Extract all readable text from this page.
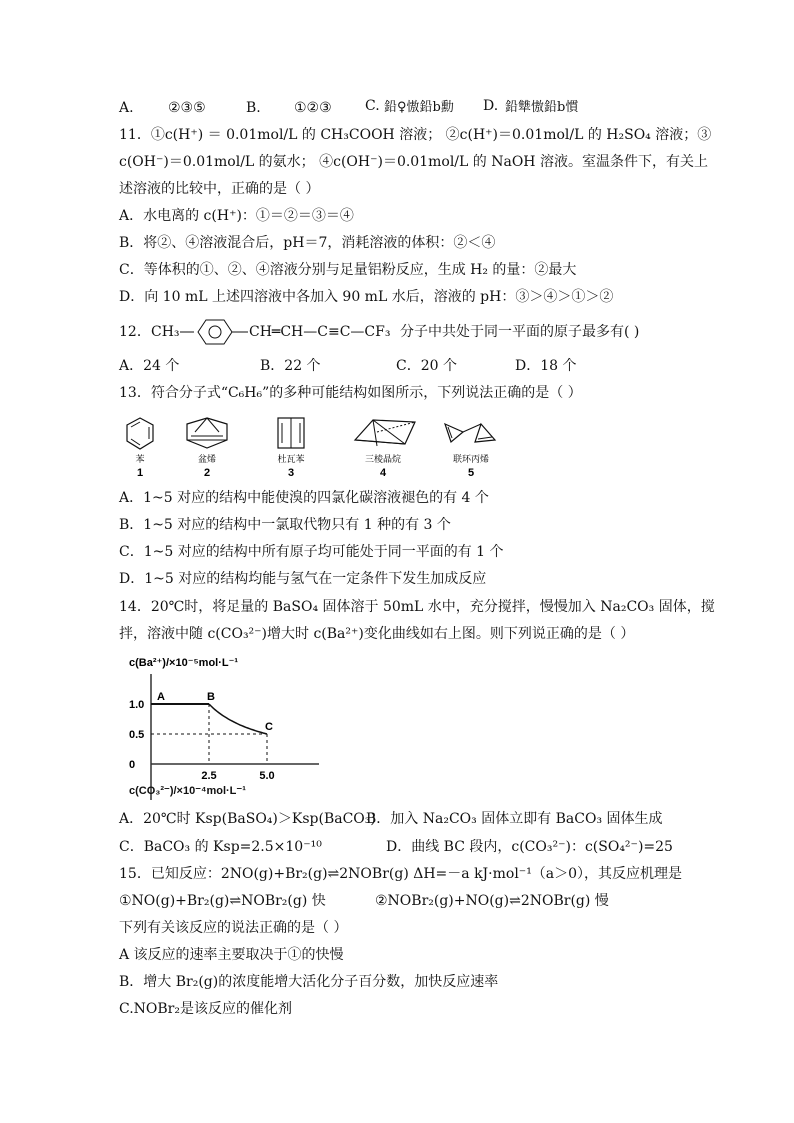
A. ②③⑤	B. ①②③ C. 鉛♀慠鉛b勳 D. 鉛犨慠鉛b慣
11．①c(H⁺) ＝ 0.01mol/L 的 CH₃COOH 溶液； ②c(H⁺)＝0.01mol/L 的 H₂SO₄ 溶液；③
c(OH⁻)＝0.01mol/L 的氨水； ④c(OH⁻)＝0.01mol/L 的 NaOH 溶液。室温条件下，有关上
述溶液的比较中，正确的是（ ）
A．水电离的 c(H⁺)：①＝②＝③＝④
B．将②、④溶液混合后，pH＝7，消耗溶液的体积：②＜④
C．等体积的①、②、④溶液分别与足量铝粉反应，生成 H₂ 的量：②最大
D．向 10 mL 上述四溶液中各加入 90 mL 水后，溶液的 pH：③＞④＞①＞②
12． CH₃	CH═CH—C≡C—CF₃ 分子中共处于同一平面的原子最多有( )
A．24 个	B．22 个	C．20 个	D．18 个
13．符合分子式“C₆H₆”的多种可能结构如图所示，下列说法正确的是（ ）
苯	盆烯	杜瓦苯	三棱晶烷	联环丙烯
1	2	3	4	5
A．1~5 对应的结构中能使溴的四氯化碳溶液褪色的有 4 个
B．1~5 对应的结构中一氯取代物只有 1 种的有 3 个
C．1~5 对应的结构中所有原子均可能处于同一平面的有 1 个
D．1~5 对应的结构均能与氢气在一定条件下发生加成反应
14．20℃时，将足量的 BaSO₄ 固体溶于 50mL 水中，充分搅拌，慢慢加入 Na₂CO₃ 固体，搅
拌，溶液中随 c(CO₃²⁻)增大时 c(Ba²⁺)变化曲线如右上图。则下列说正确的是（ ）
c(Ba²⁺)/×10⁻⁵mol·L⁻¹
A	B
C
1.0
0.5
0
2.5	5.0
c(CO₃²⁻)/×10⁻⁴mol·L⁻¹
A．20℃时 Ksp(BaSO₄)＞Ksp(BaCO₃)
B．加入 Na₂CO₃ 固体立即有 BaCO₃ 固体生成
C．BaCO₃ 的 Ksp=2.5×10⁻¹⁰	D．曲线 BC 段内，c(CO₃²⁻)：c(SO₄²⁻)=25
15．已知反应：2NO(g)+Br₂(g)⇌2NOBr(g) ΔH=－a kJ·mol⁻¹（a＞0），其反应机理是
①NO(g)+Br₂(g)⇌NOBr₂(g) 快	②NOBr₂(g)+NO(g)⇌2NOBr(g) 慢
下列有关该反应的说法正确的是（ ）
A 该反应的速率主要取决于①的快慢
B．增大 Br₂(g)的浓度能增大活化分子百分数，加快反应速率
C.NOBr₂是该反应的催化剂
